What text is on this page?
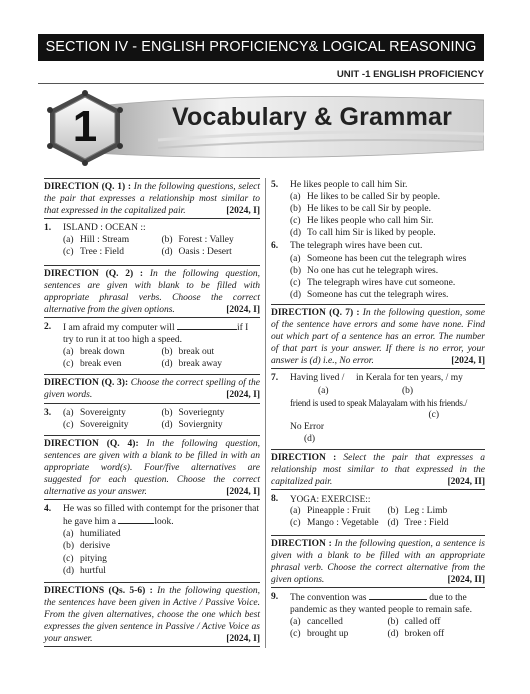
SECTION IV - ENGLISH PROFICIENCY& LOGICAL REASONING
UNIT -1 ENGLISH PROFICIENCY
1	Vocabulary & Grammar
DIRECTION (Q. 1) : In the following questions, select the pair that expresses a relationship most similar to that expressed in the capitalized pair.	[2024, I]
1.	ISLAND : OCEAN ::
(a) Hill : Stream	(b) Forest : Valley
(c) Tree : Field	(d) Oasis : Desert
DIRECTION (Q. 2) : In the following question, sentences are given with blank to be filled with appropriate phrasal verbs. Choose the correct alternative from the given options.	[2024, I]
2.	I am afraid my computer will	if I try to run it at too high a speed.
(a) break down	(b) break out
(c) break even	(d) break away
DIRECTION (Q. 3): Choose the correct spelling of the given words.	[2024, I]
3.	(a) Sovereignty	(b) Soveriegnty
(c) Sovereignity	(d) Soviergnity
DIRECTION (Q. 4): In the following question, sentences are given with a blank to be filled in with an appropriate word(s). Four/five alternatives are suggested for each question. Choose the correct alternative as your answer.	[2024, I]
4.	He was so filled with contempt for the prisoner that he gave him a	look.
(a) humiliated
(b) derisive
(c) pitying
(d) hurtful
DIRECTIONS (Qs. 5-6) : In the following question, the sentences have been given in Active / Passive Voice. From the given alternatives, choose the one which best expresses the given sentence in Passive / Active Voice as your answer.	[2024, I]
5.	He likes people to call him Sir.
(a) He likes to be called Sir by people.
(b) He likes to be call Sir by people.
(c) He likes people who call him Sir.
(d) To call him Sir is liked by people.
6.	The telegraph wires have been cut.
(a) Someone has been cut the telegraph wires
(b) No one has cut he telegraph wires.
(c) The telegraph wires have cut someone.
(d) Someone has cut the telegraph wires.
DIRECTION (Q. 7) : In the following question, some of the sentence have errors and some have none. Find out which part of a sentence has an error. The number of that part is your answer. If there is no error, your answer is (d) i.e., No error.	[2024, I]
7.	Having lived /	in Kerala for ten years, / my
(a)	(b)
friend is used to speak Malayalam with his friends./
(c)
No Error
(d)
DIRECTION : Select the pair that expresses a relationship most similar to that expressed in the capitalized pair.	[2024, II]
8.	YOGA: EXERCISE::
(a) Pineapple : Fruit (b) Leg : Limb
(c) Mango : Vegetable (d) Tree : Field
DIRECTION : In the following question, a sentence is given with a blank to be filled with an appropriate phrasal verb. Choose the correct alternative from the given options.	[2024, II]
9.	The convention was	due to the pandemic as they wanted people to remain safe.
(a) cancelled	(b) called off
(c) brought up	(d) broken off
